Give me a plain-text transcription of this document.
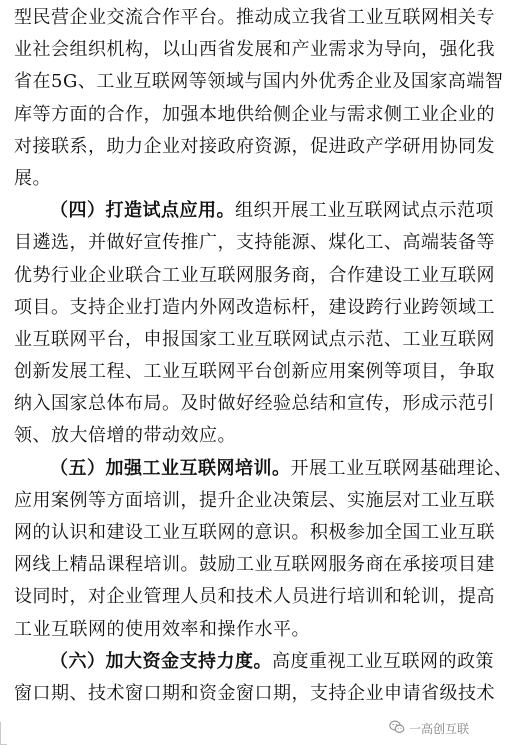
型民营企业交流合作平台。推动成立我省工业互联网相关专
业社会组织机构，以山西省发展和产业需求为导向，强化我
省在5G、工业互联网等领域与国内外优秀企业及国家高端智
库等方面的合作，加强本地供给侧企业与需求侧工业企业的
对接联系，助力企业对接政府资源，促进政产学研用协同发
展。
（四）打造试点应用。组织开展工业互联网试点示范项
目遴选，并做好宣传推广，支持能源、煤化工、高端装备等
优势行业企业联合工业互联网服务商，合作建设工业互联网
项目。支持企业打造内外网改造标杆，建设跨行业跨领域工
业互联网平台，申报国家工业互联网试点示范、工业互联网
创新发展工程、工业互联网平台创新应用案例等项目，争取
纳入国家总体布局。及时做好经验总结和宣传，形成示范引
领、放大倍增的带动效应。
（五）加强工业互联网培训。开展工业互联网基础理论、
应用案例等方面培训，提升企业决策层、实施层对工业互联
网的认识和建设工业互联网的意识。积极参加全国工业互联
网线上精品课程培训。鼓励工业互联网服务商在承接项目建
设同时，对企业管理人员和技术人员进行培训和轮训，提高
工业互联网的使用效率和操作水平。
（六）加大资金支持力度。高度重视工业互联网的政策
窗口期、技术窗口期和资金窗口期，支持企业申请省级技术
一高创互联
